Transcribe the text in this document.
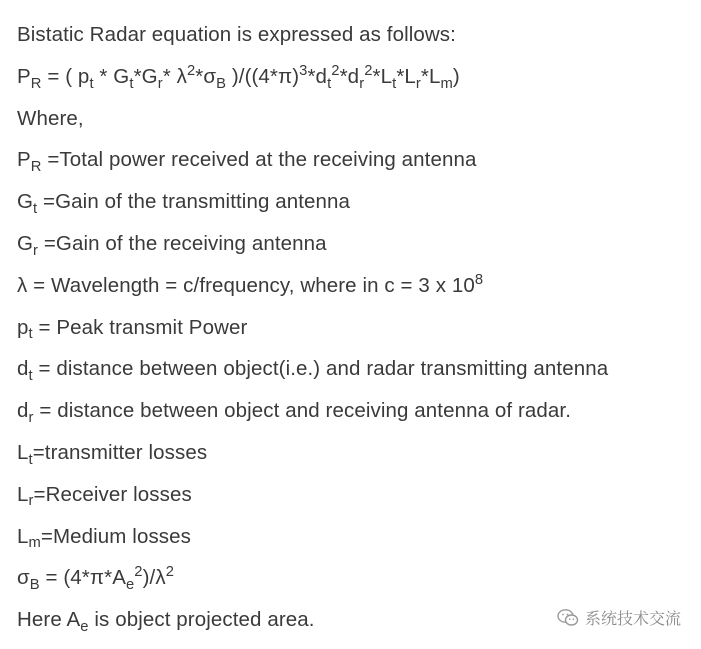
Bistatic Radar equation is expressed as follows:
$P_R$ = ( $p_t * G_t*G_r*$ $\lambda^2*\sigma_B$ )$/((4*\pi)^3*d_t^2*d_r^2*L_t*L_r*L_m)$
Where,
$P_R$ =Total power received at the receiving antenna
$G_t$ =Gain of the transmitting antenna
$G_r$ =Gain of the receiving antenna
λ = Wavelength = c/frequency, where in c = 3 x $10^8$
$p_t$ = Peak transmit Power
$d_t$ = distance between object(i.e.) and radar transmitting antenna
$d_r$ = distance between object and receiving antenna of radar.
$L_t=transmitter$ losses
$L_r=Receiver$ losses
$L_m=Medium$ losses
$\sigma_B = (4*\pi*A_e^2)/\lambda^2$
Here $A_e$ is object projected area.	系统技术交流
